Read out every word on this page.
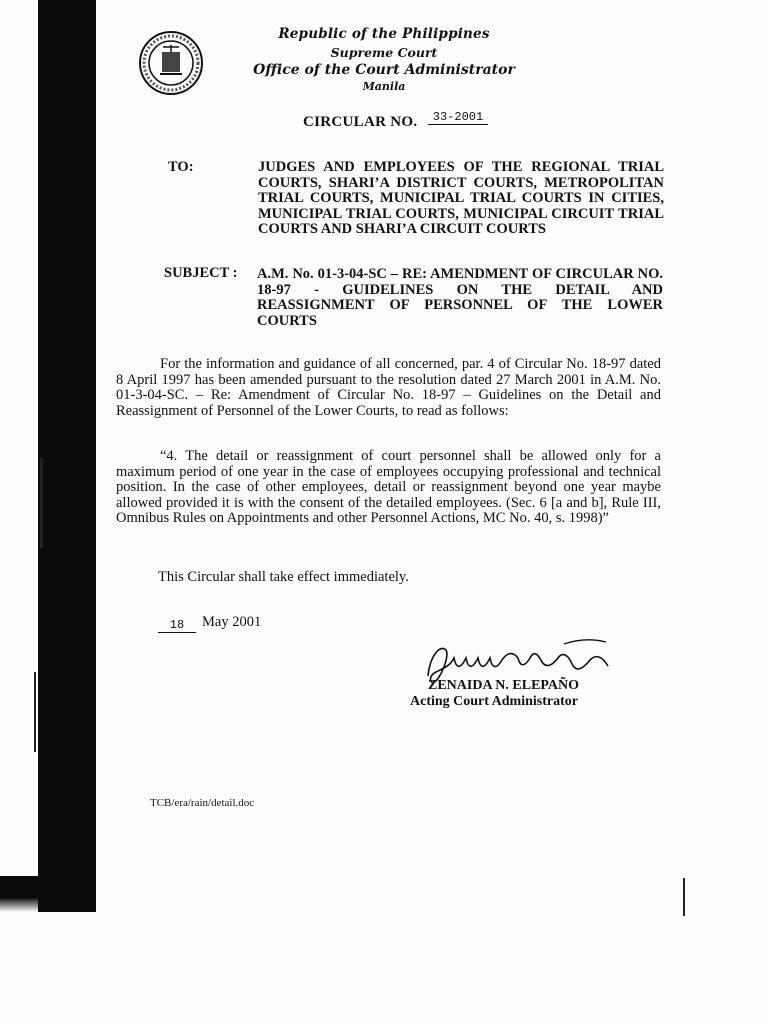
Republic of the Philippines
Supreme Court
Office of the Court Administrator
Manila
CIRCULAR NO.	33-2001
TO:	JUDGES AND EMPLOYEES OF THE REGIONAL TRIAL COURTS, SHARI’A DISTRICT COURTS, METROPOLITAN TRIAL COURTS, MUNICIPAL TRIAL COURTS IN CITIES, MUNICIPAL TRIAL COURTS, MUNICIPAL CIRCUIT TRIAL COURTS AND SHARI’A CIRCUIT COURTS
SUBJECT : A.M. No. 01-3-04-SC – RE: AMENDMENT OF CIRCULAR NO. 18-97 - GUIDELINES ON THE DETAIL AND REASSIGNMENT OF PERSONNEL OF THE LOWER COURTS
For the information and guidance of all concerned, par. 4 of Circular No. 18-97 dated 8 April 1997 has been amended pursuant to the resolution dated 27 March 2001 in A.M. No. 01-3-04-SC. – Re: Amendment of Circular No. 18-97 – Guidelines on the Detail and Reassignment of Personnel of the Lower Courts, to read as follows:
“4. The detail or reassignment of court personnel shall be allowed only for a maximum period of one year in the case of employees occupying professional and technical position. In the case of other employees, detail or reassignment beyond one year maybe allowed provided it is with the consent of the detailed employees. (Sec. 6 [a and b], Rule III, Omnibus Rules on Appointments and other Personnel Actions, MC No. 40, s. 1998)”
This Circular shall take effect immediately.
18	May 2001
ZENAIDA N. ELEPAÑO
Acting Court Administrator
TCB/era/rain/detail.doc
